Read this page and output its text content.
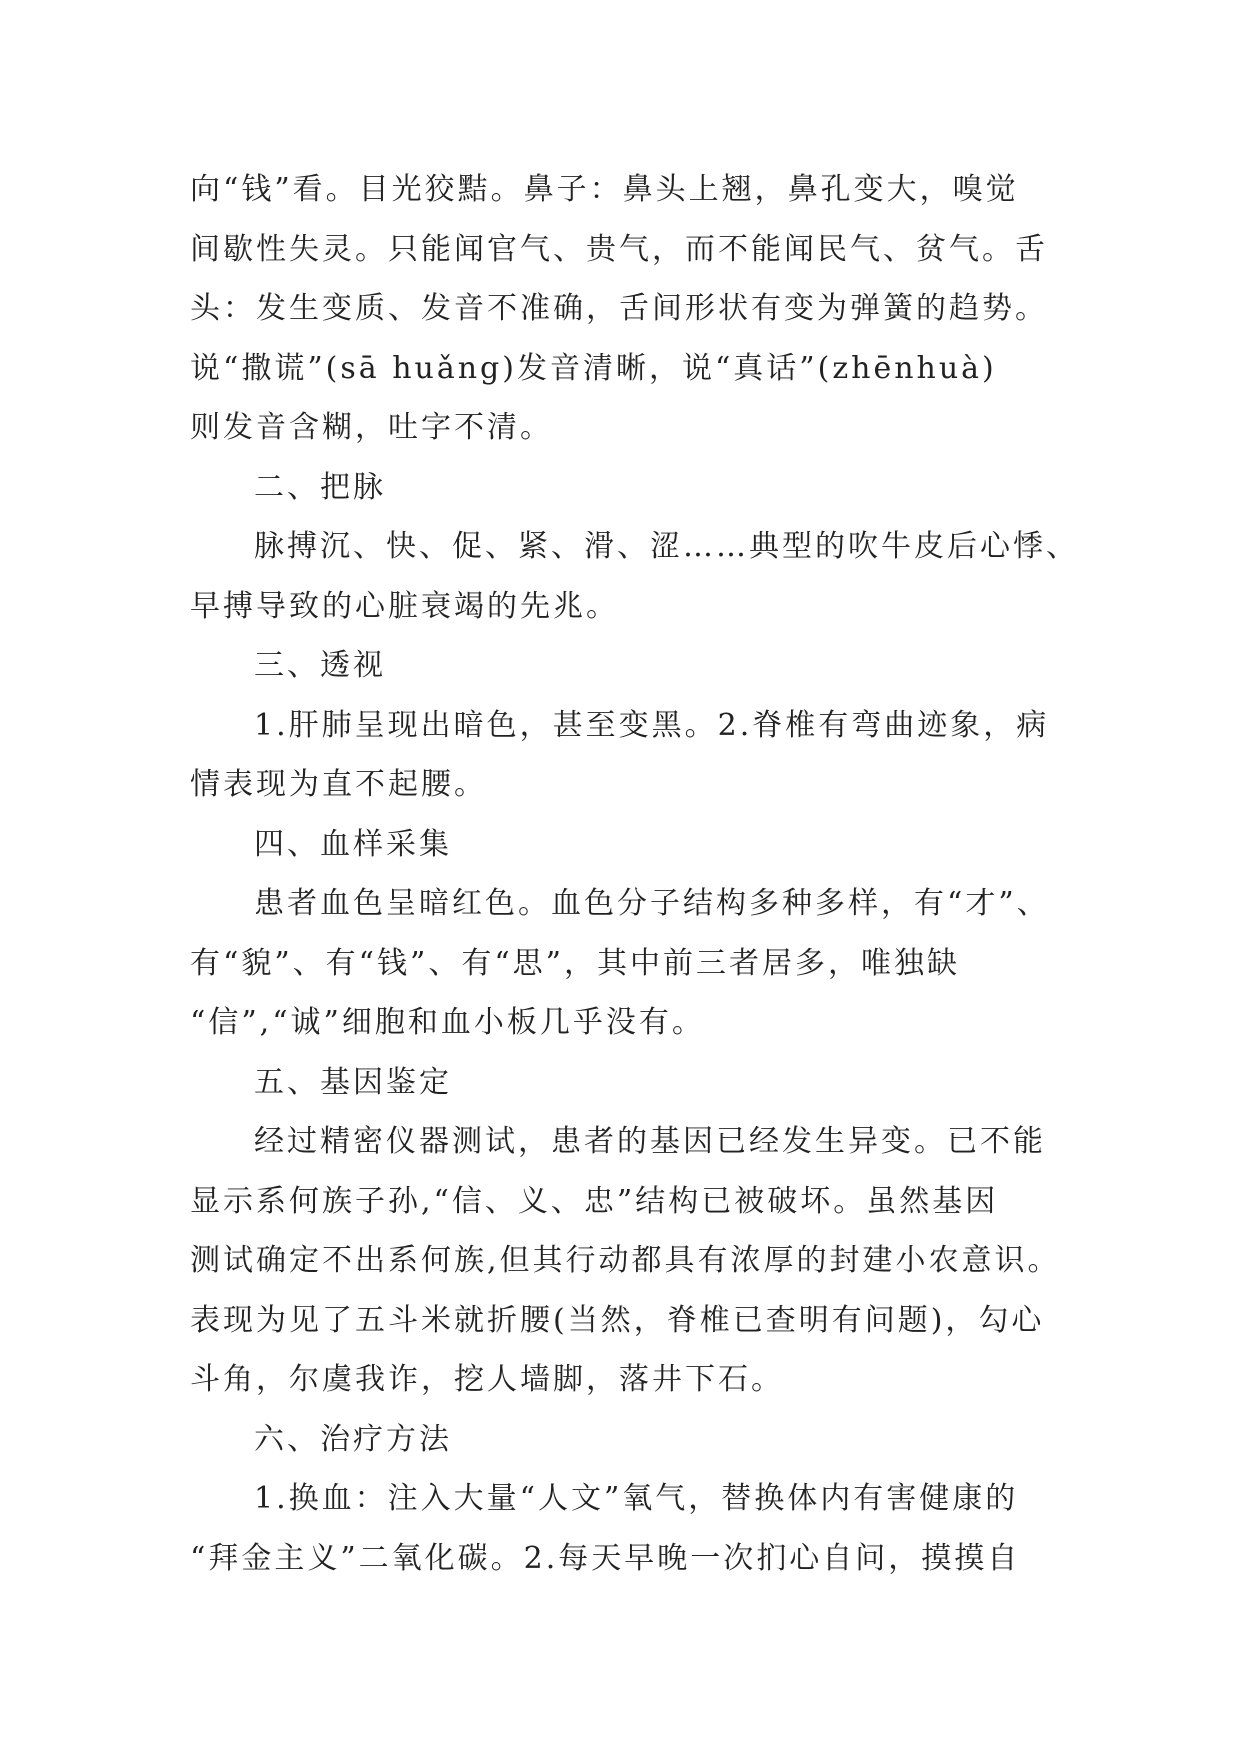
向“钱”看。目光狡黠。鼻子：鼻头上翘，鼻孔变大，嗅觉
间歇性失灵。只能闻官气、贵气，而不能闻民气、贫气。舌
头：发生变质、发音不准确，舌间形状有变为弹簧的趋势。
说“撒谎”(sā huǎng)发音清晰，说“真话”(zhēnhuà)
则发音含糊，吐字不清。

二、把脉

脉搏沉、快、促、紧、滑、涩……典型的吹牛皮后心悸、
早搏导致的心脏衰竭的先兆。

三、透视

1.肝肺呈现出暗色，甚至变黑。2.脊椎有弯曲迹象，病
情表现为直不起腰。

四、血样采集

患者血色呈暗红色。血色分子结构多种多样，有“才”、
有“貌”、有“钱”、有“思”，其中前三者居多，唯独缺
“信”,“诚”细胞和血小板几乎没有。

五、基因鉴定

经过精密仪器测试，患者的基因已经发生异变。已不能
显示系何族子孙,“信、义、忠”结构已被破坏。虽然基因
测试确定不出系何族,但其行动都具有浓厚的封建小农意识。
表现为见了五斗米就折腰(当然，脊椎已查明有问题)，勾心
斗角，尔虞我诈，挖人墙脚，落井下石。

六、治疗方法

1.换血：注入大量“人文”氧气，替换体内有害健康的
“拜金主义”二氧化碳。2.每天早晚一次扪心自问，摸摸自
